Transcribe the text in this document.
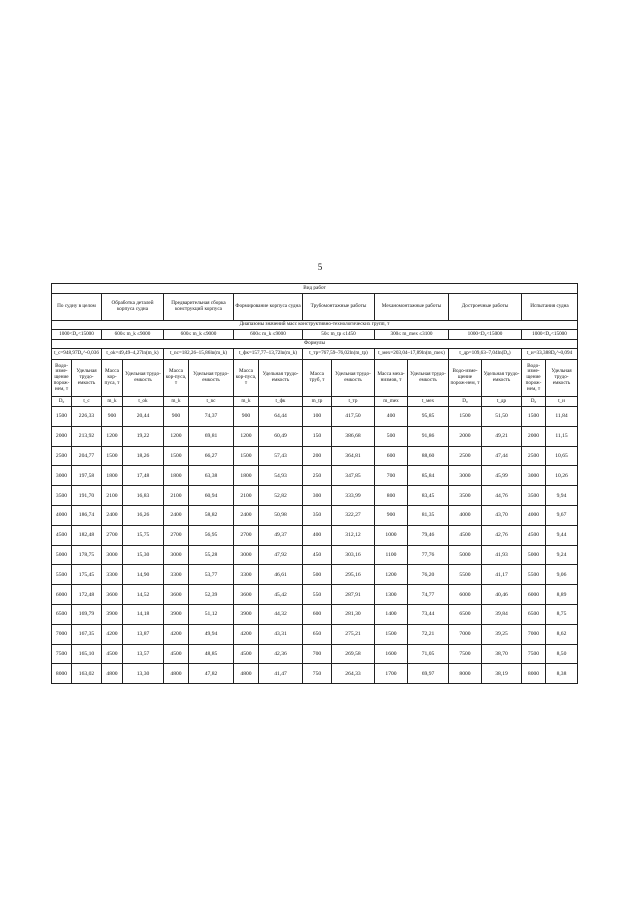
5
Вид работ															
По судну в целом		Обработка деталей корпуса судна		Предварительная сборка конструкций корпуса		Формирование корпуса судна		Трубомонтажные работы		Механомонтажные работы		Достроечные работы		Испытания судна	
Диапазоны значений масс конструктивно-технологических групп, т															
1000<D₀<15000		600≤ m_k ≤9000		600≤ m_k ≤9000		600≤ m_k ≤9000		50≤ m_tp ≤1450		300≤ m_mex ≤3100		1000<D₀<15000		1000<D₀<15000	
Формулы															
t_c=948,97D₀^-0,036		t_ok=49,49–4,27ln(m_k)		t_nc=182,26–15,86ln(m_k)		t_фк=157,77–13,72ln(m_k)		t_тр=767,59–76,02ln(m_tp)		t_мех=203,04–17,89ln(m_mex)		t_др=109,63–7,04ln(D₀)		t_и=33,388D₀^-0,094	
Водо-изме-щение порож-нем, т	Удельная трудо-емкость	Масса кор-пуса, т	Удельная трудо-емкость	Масса кор-пуса, т	Удельная трудо-емкость	Масса кор-пуса, т	Удельная трудо-емкость	Масса труб, т	Удельная трудо-емкость	Масса меха-низмов, т	Удельная трудо-емкость	Водо-изме-щение порож-нем, т	Удельная трудо-емкость	Водо-изме-щение порож-нем, т	Удельная трудо-емкость
D₀	t_c	m_k	t_ok	m_k	t_nc	m_k	t_фк	m_tp	t_тр	m_mex	t_мех	D₀	t_др	D₀	t_и
1500	226,33	900	20,44	900	74,37	900	64,44	100	417,50	400	95,85	1500	51,50	1500	11,84
2000	213,92	1200	19,22	1200	69,81	1200	60,49	150	386,68	500	91,86	2000	49,21	2000	11,15
2500	204,77	1500	18,26	1500	66,27	1500	57,43	200	364,81	600	88,60	2500	47,44	2500	10,65
3000	197,58	1800	17,48	1800	63,38	1800	54,93	250	347,85	700	85,84	3000	45,99	3000	10,26
3500	191,70	2100	16,83	2100	60,94	2100	52,82	300	333,99	800	83,45	3500	44,76	3500	9,94
4000	186,74	2400	16,26	2400	58,82	2400	50,98	350	322,27	900	81,35	4000	43,70	4000	9,67
4500	182,48	2700	15,75	2700	56,95	2700	49,37	400	312,12	1000	79,46	4500	42,76	4500	9,44
5000	178,75	3000	15,30	3000	55,28	3000	47,92	450	303,16	1100	77,76	5000	41,93	5000	9,24
5500	175,45	3300	14,90	3300	53,77	3300	46,61	500	295,16	1200	76,20	5500	41,17	5500	9,06
6000	172,48	3600	14,52	3600	52,39	3600	45,42	550	287,91	1300	74,77	6000	40,46	6000	8,89
6500	169,79	3900	14,18	3900	51,12	3900	44,32	600	281,30	1400	73,44	6500	39,84	6500	8,75
7000	167,35	4200	13,87	4200	49,94	4200	43,31	650	275,21	1500	72,21	7000	39,25	7000	8,62
7500	165,10	4500	13,57	4500	48,85	4500	42,36	700	269,58	1600	71,05	7500	38,70	7500	8,50
8000	163,02	4800	13,30	4800	47,82	4800	41,47	750	264,33	1700	69,97	8000	38,19	8000	8,38
